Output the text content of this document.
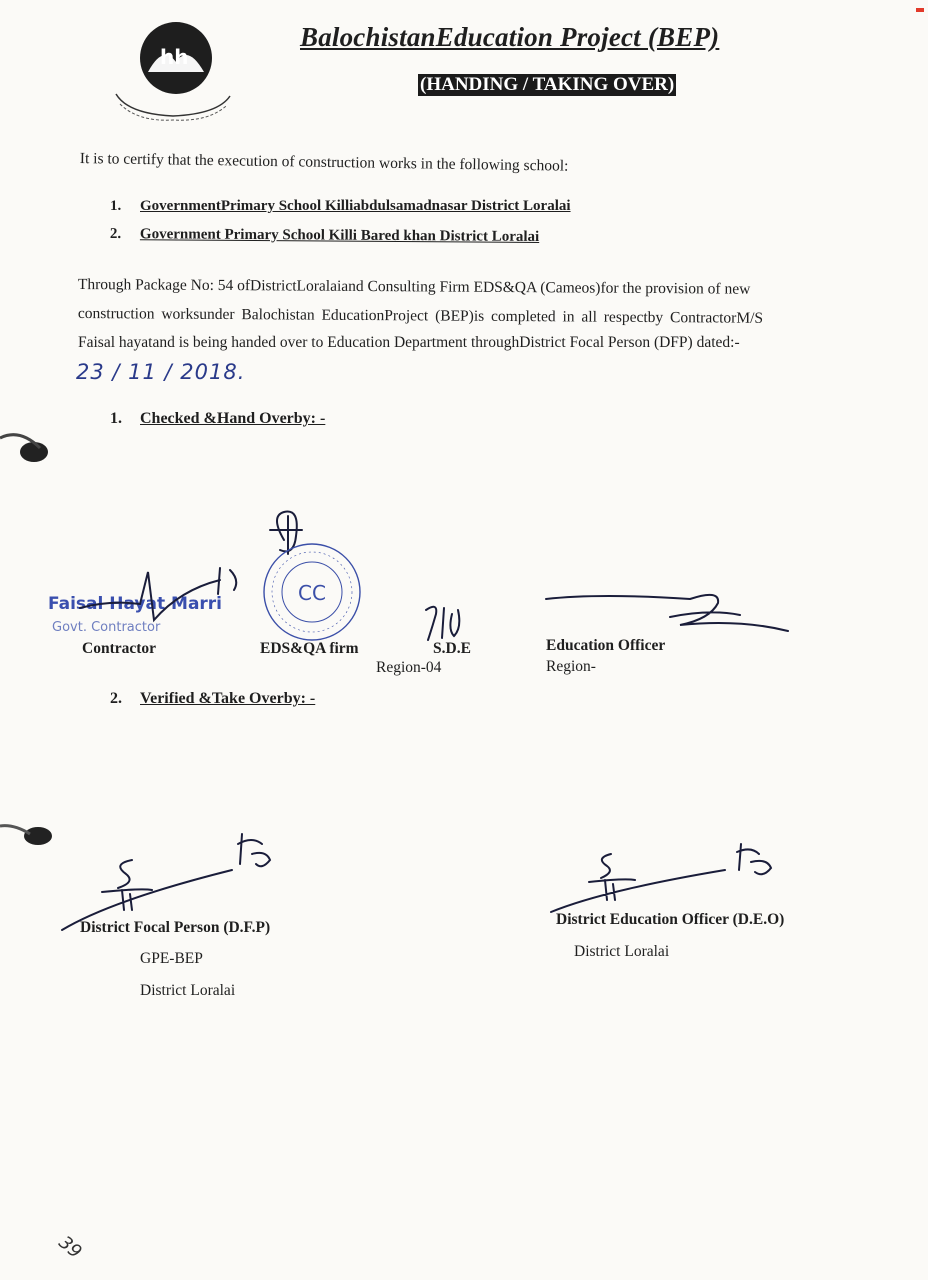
hh
BalochistanEducation Project (BEP)
(HANDING / TAKING OVER)
It is to certify that the execution of construction works in the following school:
1. GovernmentPrimary School Killiabdulsamadnasar District Loralai
2. Government Primary School Killi Bared khan District Loralai
Through Package No: 54 ofDistrictLoralaiand Consulting Firm EDS&QA (Cameos)for the provision of new
construction worksunder Balochistan EducationProject (BEP)is completed in all respectby ContractorM/S
Faisal hayatand is being handed over to Education Department throughDistrict Focal Person (DFP) dated:-
23 / 11 / 2018.
1. Checked &Hand Overby: -
Faisal Hayat Marri
Govt. Contractor
Contractor
CC
EDS&QA firm	S.D.E
Region-04
Education Officer
Region-
2. Verified &Take Overby: -
District Focal Person (D.F.P)
GPE-BEP
District Loralai
District Education Officer (D.E.O)
District Loralai
39
